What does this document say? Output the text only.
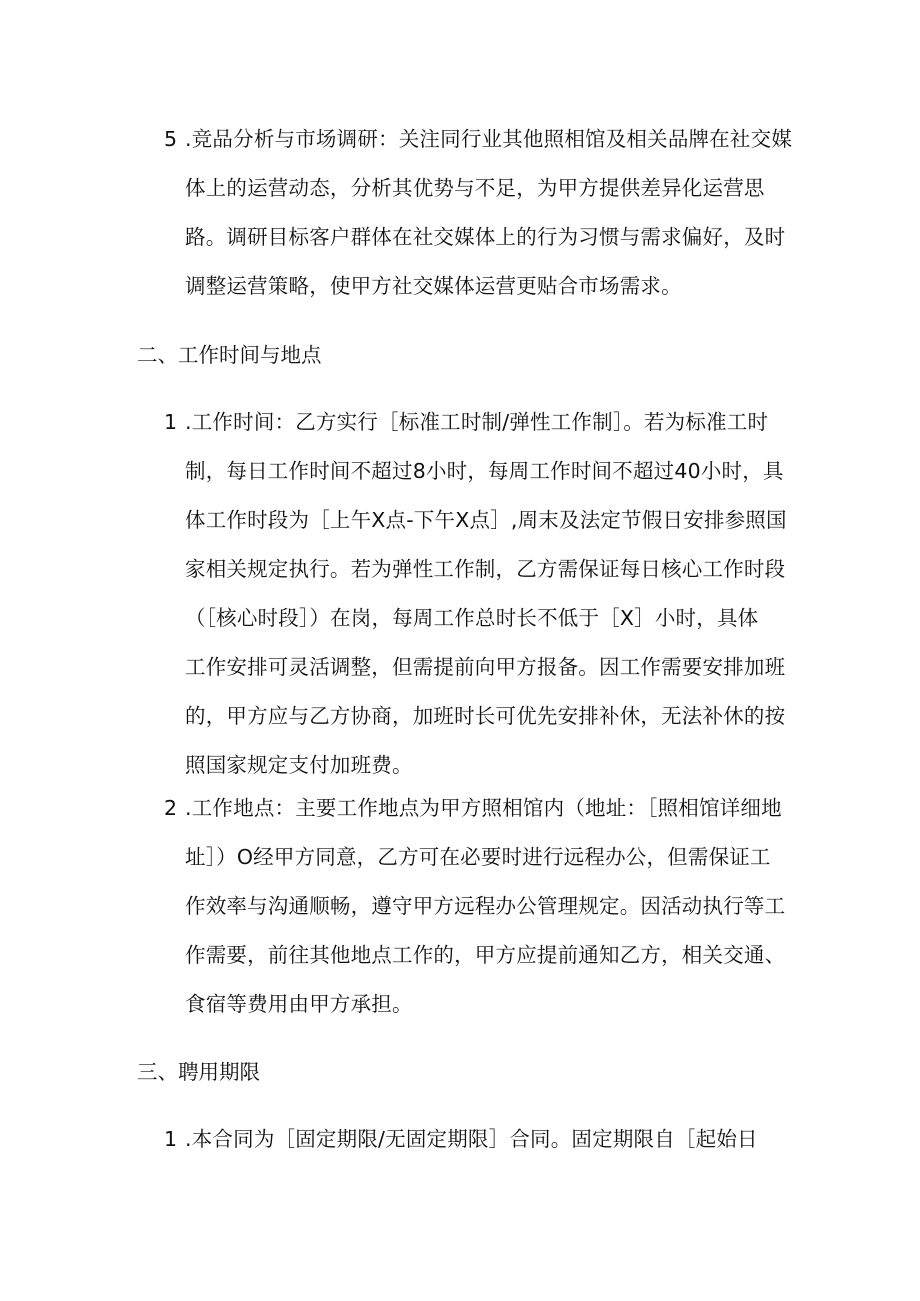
5 .竞品分析与市场调研：关注同行业其他照相馆及相关品牌在社交媒
体上的运营动态，分析其优势与不足，为甲方提供差异化运营思
路。调研目标客户群体在社交媒体上的行为习惯与需求偏好，及时
调整运营策略，使甲方社交媒体运营更贴合市场需求。
二、工作时间与地点
1 .工作时间：乙方实行［标准工时制/弹性工作制］。若为标准工时
制，每日工作时间不超过8小时，每周工作时间不超过40小时，具
体工作时段为［上午X点-下午X点］,周末及法定节假日安排参照国
家相关规定执行。若为弹性工作制，乙方需保证每日核心工作时段
（［核心时段］）在岗，每周工作总时长不低于［X］小时，具体
工作安排可灵活调整，但需提前向甲方报备。因工作需要安排加班
的，甲方应与乙方协商，加班时长可优先安排补休，无法补休的按
照国家规定支付加班费。
2 .工作地点：主要工作地点为甲方照相馆内（地址：［照相馆详细地
址］）O经甲方同意，乙方可在必要时进行远程办公，但需保证工
作效率与沟通顺畅，遵守甲方远程办公管理规定。因活动执行等工
作需要，前往其他地点工作的，甲方应提前通知乙方，相关交通、
食宿等费用由甲方承担。
三、聘用期限
1 .本合同为［固定期限/无固定期限］合同。固定期限自［起始日
